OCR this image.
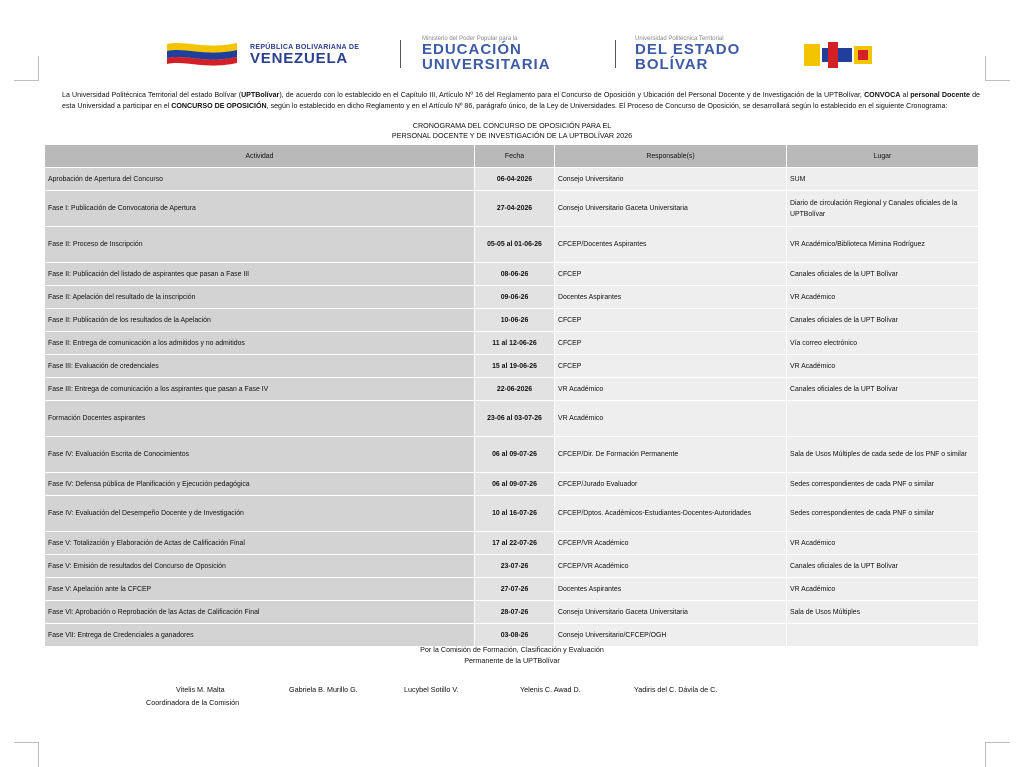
REPÚBLICA BOLIVARIANA DE
VENEZUELA
Ministerio del Poder Popular para la
EDUCACIÓN
UNIVERSITARIA
Universidad Politécnica Territorial
DEL ESTADO
BOLÍVAR

La Universidad Politécnica Territorial del estado Bolívar (UPTBolívar), de acuerdo con lo establecido en el Capítulo III, Artículo Nº 16 del Reglamento para el Concurso de Oposición y Ubicación del Personal Docente y de Investigación de la UPTBolívar, CONVOCA al personal Docente de esta Universidad a participar en el CONCURSO DE OPOSICIÓN, según lo establecido en dicho Reglamento y en el Artículo Nº 86, parágrafo único, de la Ley de Universidades. El Proceso de Concurso de Oposición, se desarrollará según lo establecido en el siguiente Cronograma:

CRONOGRAMA DEL CONCURSO DE OPOSICIÓN PARA EL
PERSONAL DOCENTE Y DE INVESTIGACIÓN DE LA UPTBOLÍVAR 2026
Actividad	Fecha	Responsable(s)	Lugar
Aprobación de Apertura del Concurso	06-04-2026	Consejo Universitario	SUM
Fase I: Publicación de Convocatoria de Apertura	27-04-2026	Consejo Universitario Gaceta Universitaria	Diario de circulación Regional y Canales oficiales de la UPTBolívar
Fase II: Proceso de Inscripción	05-05 al 01-06-26	CFCEP/Docentes Aspirantes	VR Académico/Biblioteca Mimina Rodríguez
Fase II: Publicación del listado de aspirantes que pasan a Fase III	08-06-26	CFCEP	Canales oficiales de la UPT Bolívar
Fase II: Apelación del resultado de la inscripción	09-06-26	Docentes Aspirantes	VR Académico
Fase II: Publicación de los resultados de la Apelación	10-06-26	CFCEP	Canales oficiales de la UPT Bolívar
Fase II: Entrega de comunicación a los admitidos y no admitidos	11 al 12-06-26	CFCEP	Vía correo electrónico
Fase III: Evaluación de credenciales	15 al 19-06-26	CFCEP	VR Académico
Fase III: Entrega de comunicación a los aspirantes que pasan a Fase IV	22-06-2026	VR Académico	Canales oficiales de la UPT Bolívar
Formación Docentes aspirantes	23-06 al 03-07-26	VR Académico	
Fase IV: Evaluación Escrita de Conocimientos	06 al 09-07-26	CFCEP/Dir. De Formación Permanente	Sala de Usos Múltiples de cada sede de los PNF o similar
Fase IV: Defensa pública de Planificación y Ejecución pedagógica	06 al 09-07-26	CFCEP/Jurado Evaluador	Sedes correspondientes de cada PNF o similar
Fase IV: Evaluación del Desempeño Docente y de Investigación	10 al 16-07-26	CFCEP/Dptos. Académicos-Estudiantes-Docentes-Autoridades	Sedes correspondientes de cada PNF o similar
Fase V: Totalización y Elaboración de Actas de Calificación Final	17 al 22-07-26	CFCEP/VR Académico	VR Académico
Fase V: Emisión de resultados del Concurso de Oposición	23-07-26	CFCEP/VR Académico	Canales oficiales de la UPT Bolívar
Fase V: Apelación ante la CFCEP	27-07-26	Docentes Aspirantes	VR Académico
Fase VI: Aprobación o Reprobación de las Actas de Calificación Final	28-07-26	Consejo Universitario Gaceta Universitaria	Sala de Usos Múltiples
Fase VII: Entrega de Credenciales a ganadores	03-08-26	Consejo Universitario/CFCEP/OGH	
Por la Comisión de Formación, Clasificación y Evaluación
Permanente de la UPTBolívar
Vitelis M. Malta
Coordinadora de la Comisión
Gabriela B. Murillo G.	Lucybel Sotillo V.	Yelenis C. Awad D.	Yadiris del C. Dávila de C.
